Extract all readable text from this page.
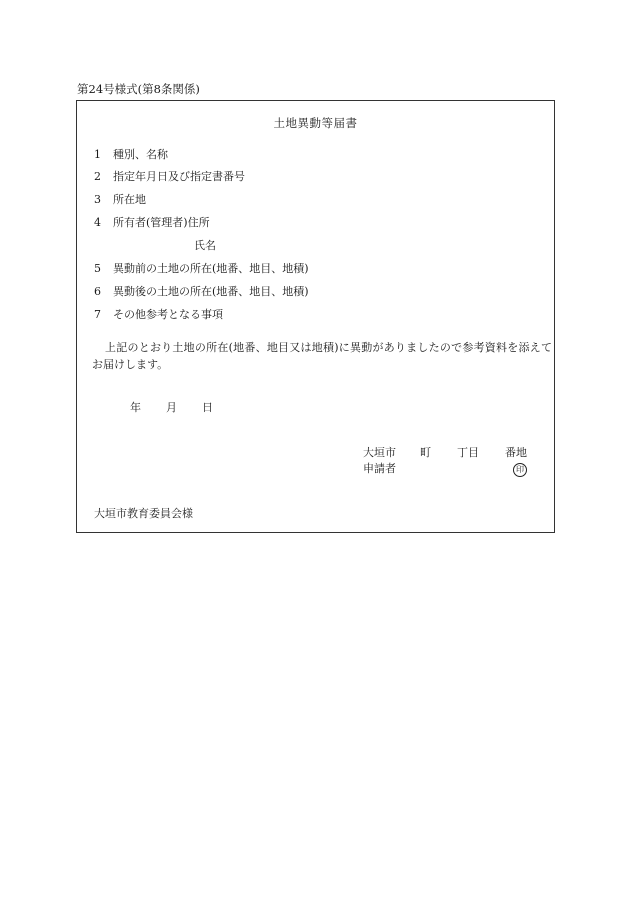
第24号様式(第8条関係)
土地異動等届書
1 種別、名称
2 指定年月日及び指定書番号
3 所在地
4 所有者(管理者)住所
氏名
5 異動前の土地の所在(地番、地目、地積)
6 異動後の土地の所在(地番、地目、地積)
7 その他参考となる事項
上記のとおり土地の所在(地番、地目又は地積)に異動がありましたので参考資料を添えてお届けします。
年 月 日
大垣市 町 丁目 番地
申請者	印
大垣市教育委員会様
